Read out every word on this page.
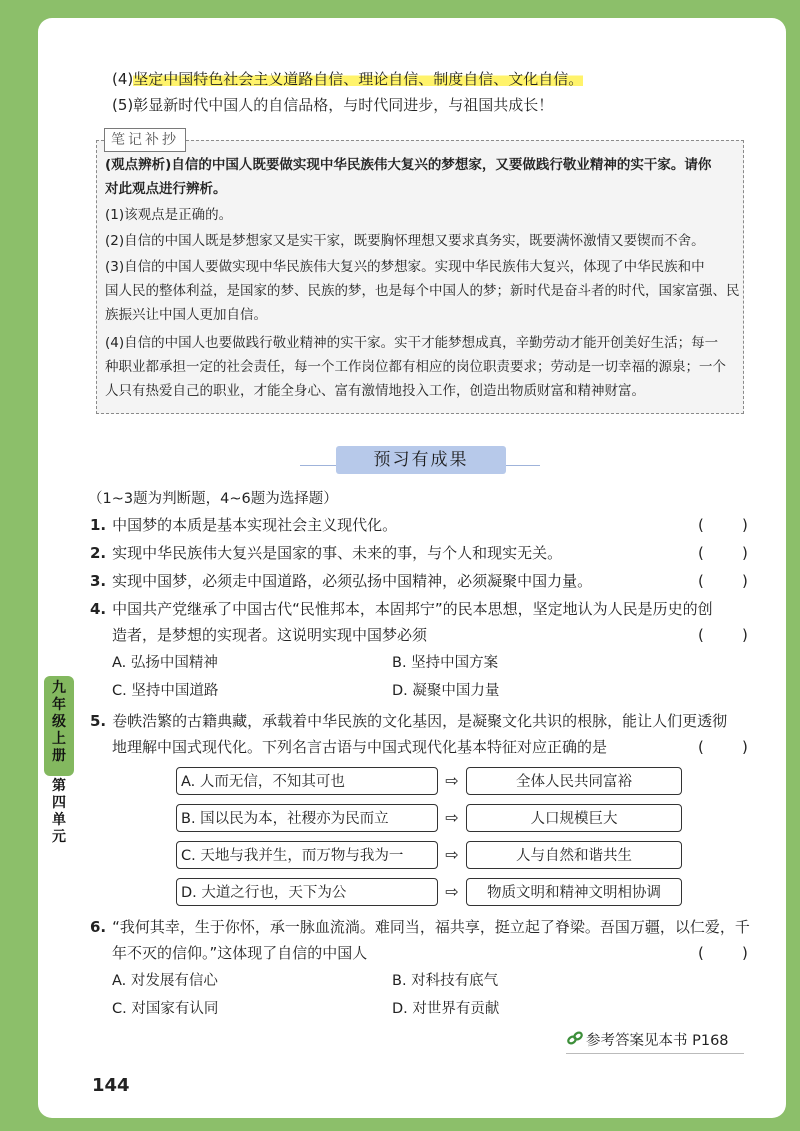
(4)坚定中国特色社会主义道路自信、理论自信、制度自信、文化自信。
(5)彰显新时代中国人的自信品格，与时代同进步，与祖国共成长！
(观点辨析)自信的中国人既要做实现中华民族伟大复兴的梦想家，又要做践行敬业精神的实干家。请你
对此观点进行辨析。
(1)该观点是正确的。
(2)自信的中国人既是梦想家又是实干家，既要胸怀理想又要求真务实，既要满怀激情又要锲而不舍。
(3)自信的中国人要做实现中华民族伟大复兴的梦想家。实现中华民族伟大复兴，体现了中华民族和中
国人民的整体利益，是国家的梦、民族的梦，也是每个中国人的梦；新时代是奋斗者的时代，国家富强、民
族振兴让中国人更加自信。
(4)自信的中国人也要做践行敬业精神的实干家。实干才能梦想成真，辛勤劳动才能开创美好生活；每一
种职业都承担一定的社会责任，每一个工作岗位都有相应的岗位职责要求；劳动是一切幸福的源泉；一个
人只有热爱自己的职业，才能全身心、富有激情地投入工作，创造出物质财富和精神财富。
笔记补抄
预习有成果
（1~3题为判断题，4~6题为选择题）
1. 中国梦的本质是基本实现社会主义现代化。	(        )
2. 实现中华民族伟大复兴是国家的事、未来的事，与个人和现实无关。	(        )
3. 实现中国梦，必须走中国道路，必须弘扬中国精神，必须凝聚中国力量。	(        )
4. 中国共产党继承了中国古代“民惟邦本，本固邦宁”的民本思想，坚定地认为人民是历史的创
造者，是梦想的实现者。这说明实现中国梦必须	(        )
A. 弘扬中国精神	B. 坚持中国方案
C. 坚持中国道路	D. 凝聚中国力量
5. 卷帙浩繁的古籍典藏，承载着中华民族的文化基因，是凝聚文化共识的根脉，能让人们更透彻
地理解中国式现代化。下列名言古语与中国式现代化基本特征对应正确的是	(        )
A. 人而无信，不知其可也	⇨	全体人民共同富裕
B. 国以民为本，社稷亦为民而立	⇨	人口规模巨大
C. 天地与我并生，而万物与我为一	⇨	人与自然和谐共生
D. 大道之行也，天下为公	⇨	物质文明和精神文明相协调
6. “我何其幸，生于你怀，承一脉血流淌。难同当，福共享，挺立起了脊梁。吾国万疆，以仁爱，千
年不灭的信仰。”这体现了自信的中国人	(        )
A. 对发展有信心	B. 对科技有底气
C. 对国家有认同	D. 对世界有贡献
九年级上册
第四单元
参考答案见本书 P168
144
